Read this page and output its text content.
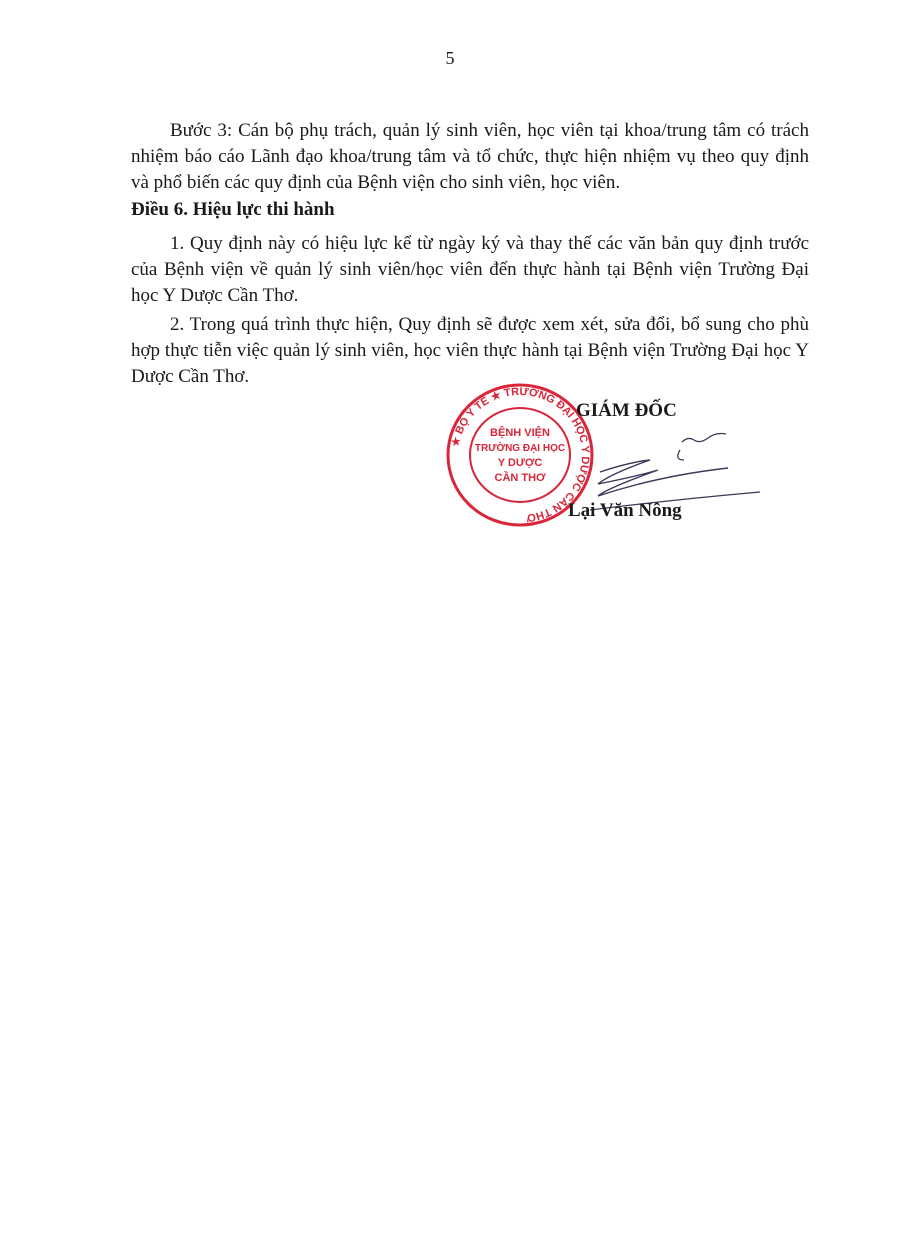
5

Bước 3: Cán bộ phụ trách, quản lý sinh viên, học viên tại khoa/trung tâm có trách nhiệm báo cáo Lãnh đạo khoa/trung tâm và tổ chức, thực hiện nhiệm vụ theo quy định và phổ biến các quy định của Bệnh viện cho sinh viên, học viên.

Điều 6. Hiệu lực thi hành

1. Quy định này có hiệu lực kể từ ngày ký và thay thế các văn bản quy định trước của Bệnh viện về quản lý sinh viên/học viên đến thực hành tại Bệnh viện Trường Đại học Y Dược Cần Thơ.

2. Trong quá trình thực hiện, Quy định sẽ được xem xét, sửa đổi, bổ sung cho phù hợp thực tiễn việc quản lý sinh viên, học viên thực hành tại Bệnh viện Trường Đại học Y Dược Cần Thơ.

★ BỘ Y TẾ ★ TRƯỜNG ĐẠI HỌC Y DƯỢC CẦN THƠ
BỆNH VIỆN
TRƯỜNG ĐẠI HỌC
Y DƯỢC
CẦN THƠ
GIÁM ĐỐC
Lại Văn Nông
